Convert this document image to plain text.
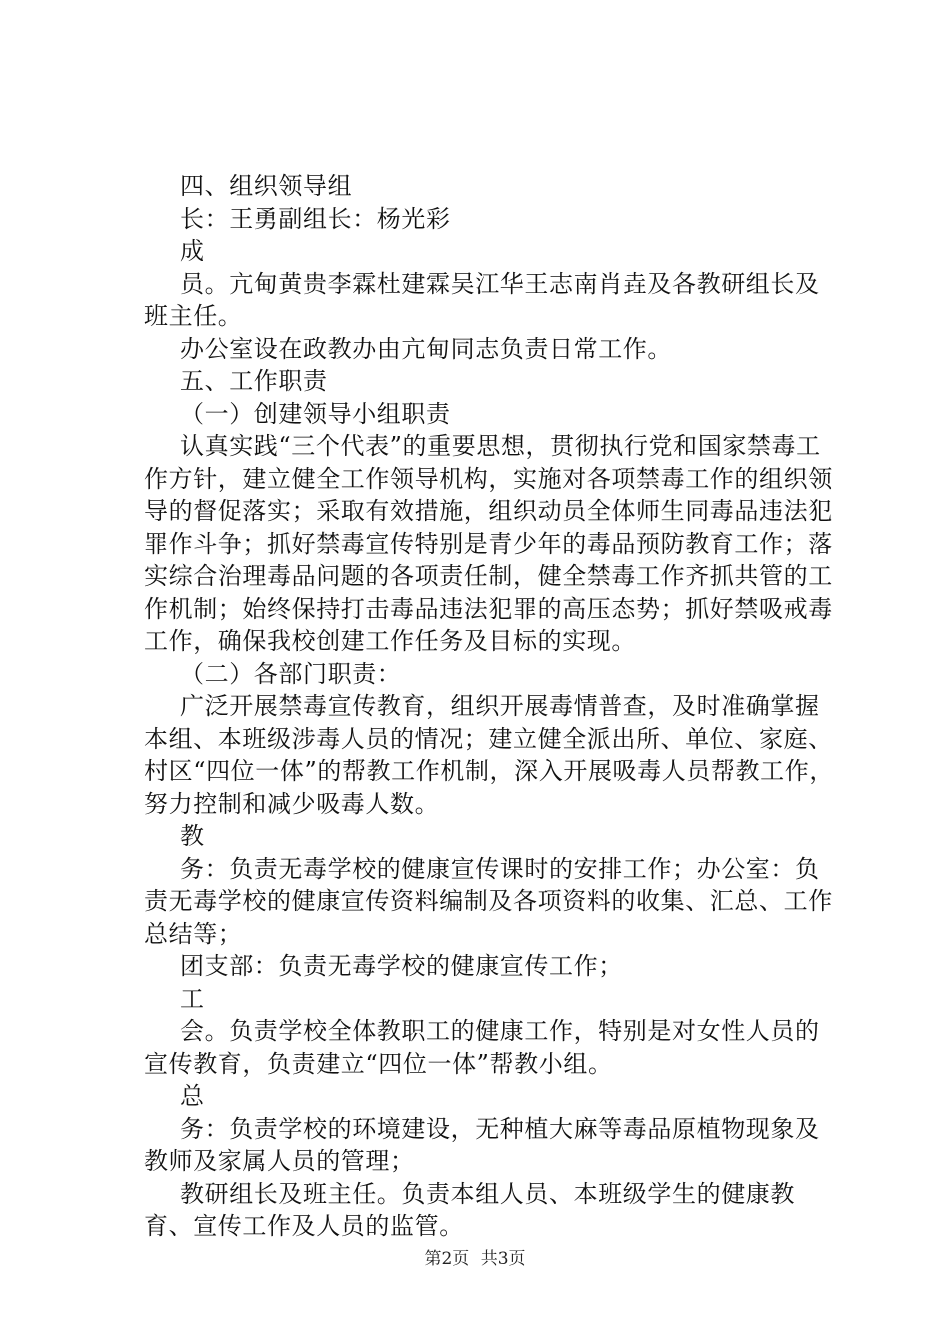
四、组织领导组

长：王勇副组长：杨光彩

成

员。亢甸黄贵李霖杜建霖吴江华王志南肖垚及各教研组长及班主任。

办公室设在政教办由亢甸同志负责日常工作。

五、工作职责

（一）创建领导小组职责

认真实践“三个代表”的重要思想，贯彻执行党和国家禁毒工作方针，建立健全工作领导机构，实施对各项禁毒工作的组织领导的督促落实；采取有效措施，组织动员全体师生同毒品违法犯罪作斗争；抓好禁毒宣传特别是青少年的毒品预防教育工作；落实综合治理毒品问题的各项责任制，健全禁毒工作齐抓共管的工作机制；始终保持打击毒品违法犯罪的高压态势；抓好禁吸戒毒工作，确保我校创建工作任务及目标的实现。

（二）各部门职责：

广泛开展禁毒宣传教育，组织开展毒情普查，及时准确掌握本组、本班级涉毒人员的情况；建立健全派出所、单位、家庭、村区“四位一体”的帮教工作机制，深入开展吸毒人员帮教工作，努力控制和减少吸毒人数。

教

务：负责无毒学校的健康宣传课时的安排工作；办公室：负责无毒学校的健康宣传资料编制及各项资料的收集、汇总、工作总结等；

团支部：负责无毒学校的健康宣传工作；

工

会。负责学校全体教职工的健康工作，特别是对女性人员的宣传教育，负责建立“四位一体”帮教小组。

总

务：负责学校的环境建设，无种植大麻等毒品原植物现象及教师及家属人员的管理；

教研组长及班主任。负责本组人员、本班级学生的健康教育、宣传工作及人员的监管。

第2页 共3页
